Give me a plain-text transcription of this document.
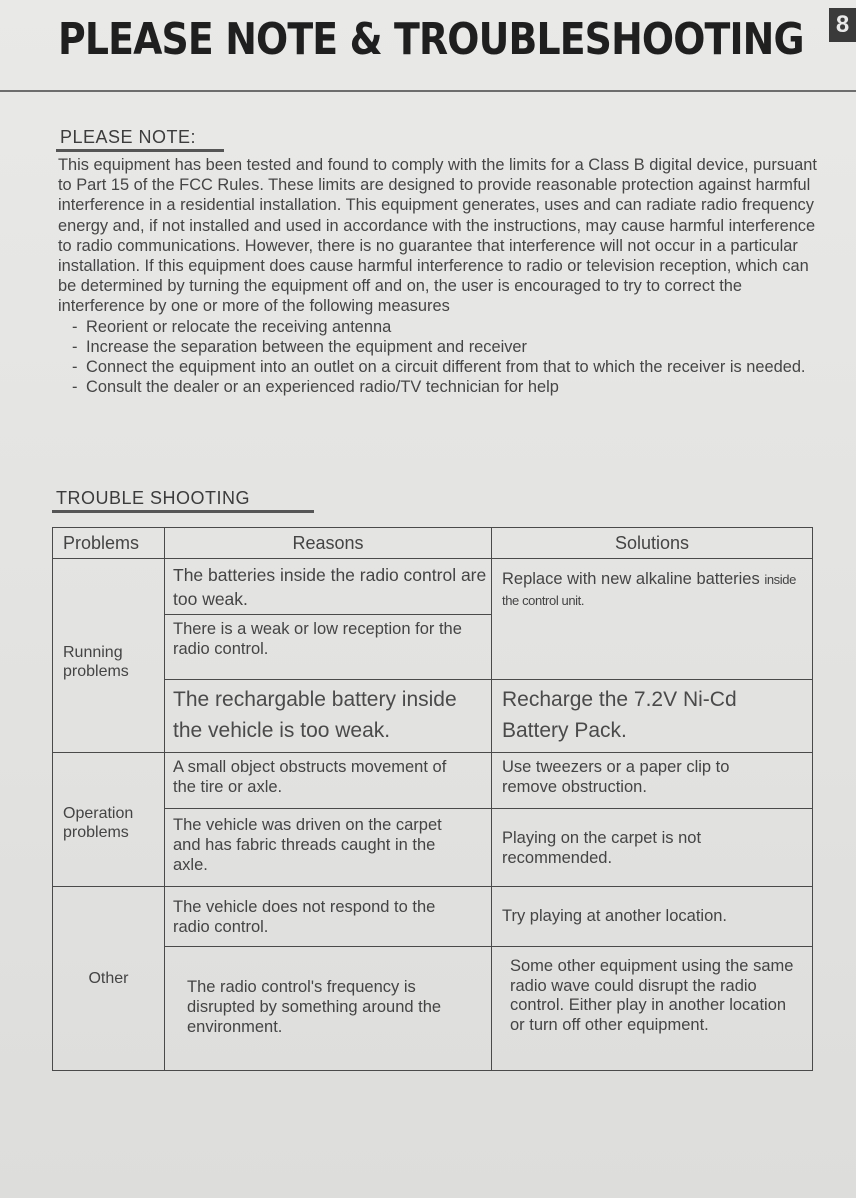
PLEASE NOTE & TROUBLESHOOTING 8
PLEASE NOTE:

This equipment has been tested and found to comply with the limits for a Class B digital device, pursuant to Part 15 of the FCC Rules. These limits are designed to provide reasonable protection against harmful interference in a residential installation. This equipment generates, uses and can radiate radio frequency energy and, if not installed and used in accordance with the instructions, may cause harmful interference to radio communications. However, there is no guarantee that interference will not occur in a particular installation. If this equipment does cause harmful interference to radio or television reception, which can be determined by turning the equipment off and on, the user is encouraged to try to correct the interference by one or more of the following measures

- Reorient or relocate the receiving antenna
- Increase the separation between the equipment and receiver
- Connect the equipment into an outlet on a circuit different from that to which the receiver is needed.
- Consult the dealer or an experienced radio/TV technician for help
TROUBLE SHOOTING
Problems	Reasons	Solutions

Running problems	The batteries inside the radio control are too weak.	Replace with new alkaline batteries inside the control unit.

	There is a weak or low reception for the radio control.	

	The rechargable battery inside the vehicle is too weak.	Recharge the 7.2V Ni-Cd Battery Pack.

Operation problems	A small object obstructs movement of the tire or axle.	Use tweezers or a paper clip to remove obstruction.

	The vehicle was driven on the carpet and has fabric threads caught in the axle.	Playing on the carpet is not recommended.

Other	The vehicle does not respond to the radio control.	Try playing at another location.

	The radio control's frequency is disrupted by something around the environment.	Some other equipment using the same radio wave could disrupt the radio control. Either play in another location or turn off other equipment.
